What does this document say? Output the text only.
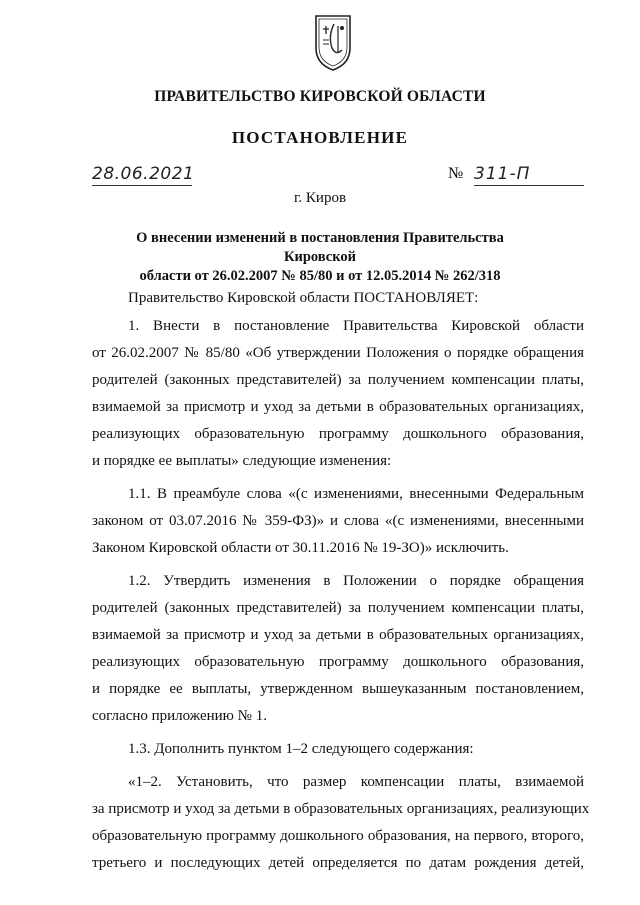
ПРАВИТЕЛЬСТВО КИРОВСКОЙ ОБЛАСТИ
ПОСТАНОВЛЕНИЕ
28.06.2021	№ 311-П
г. Киров
О внесении изменений в постановления Правительства Кировской
области от 26.02.2007 № 85/80 и от 12.05.2014 № 262/318
Правительство Кировской области ПОСТАНОВЛЯЕТ:
1. Внести в постановление Правительства Кировской области
от 26.02.2007 № 85/80 «Об утверждении Положения о порядке обращения
родителей (законных представителей) за получением компенсации платы,
взимаемой за присмотр и уход за детьми в образовательных организациях,
реализующих образовательную программу дошкольного образования,
и порядке ее выплаты» следующие изменения:
1.1. В преамбуле слова «(с изменениями, внесенными Федеральным
законом от 03.07.2016 № 359-ФЗ)» и слова «(с изменениями, внесенными
Законом Кировской области от 30.11.2016 № 19-ЗО)» исключить.
1.2. Утвердить изменения в Положении о порядке обращения
родителей (законных представителей) за получением компенсации платы,
взимаемой за присмотр и уход за детьми в образовательных организациях,
реализующих образовательную программу дошкольного образования,
и порядке ее выплаты, утвержденном вышеуказанным постановлением,
согласно приложению № 1.
1.3. Дополнить пунктом 1–2 следующего содержания:
«1–2. Установить, что размер компенсации платы, взимаемой
за присмотр и уход за детьми в образовательных организациях, реализующих
образовательную программу дошкольного образования, на первого, второго,
третьего и последующих детей определяется по датам рождения детей,
